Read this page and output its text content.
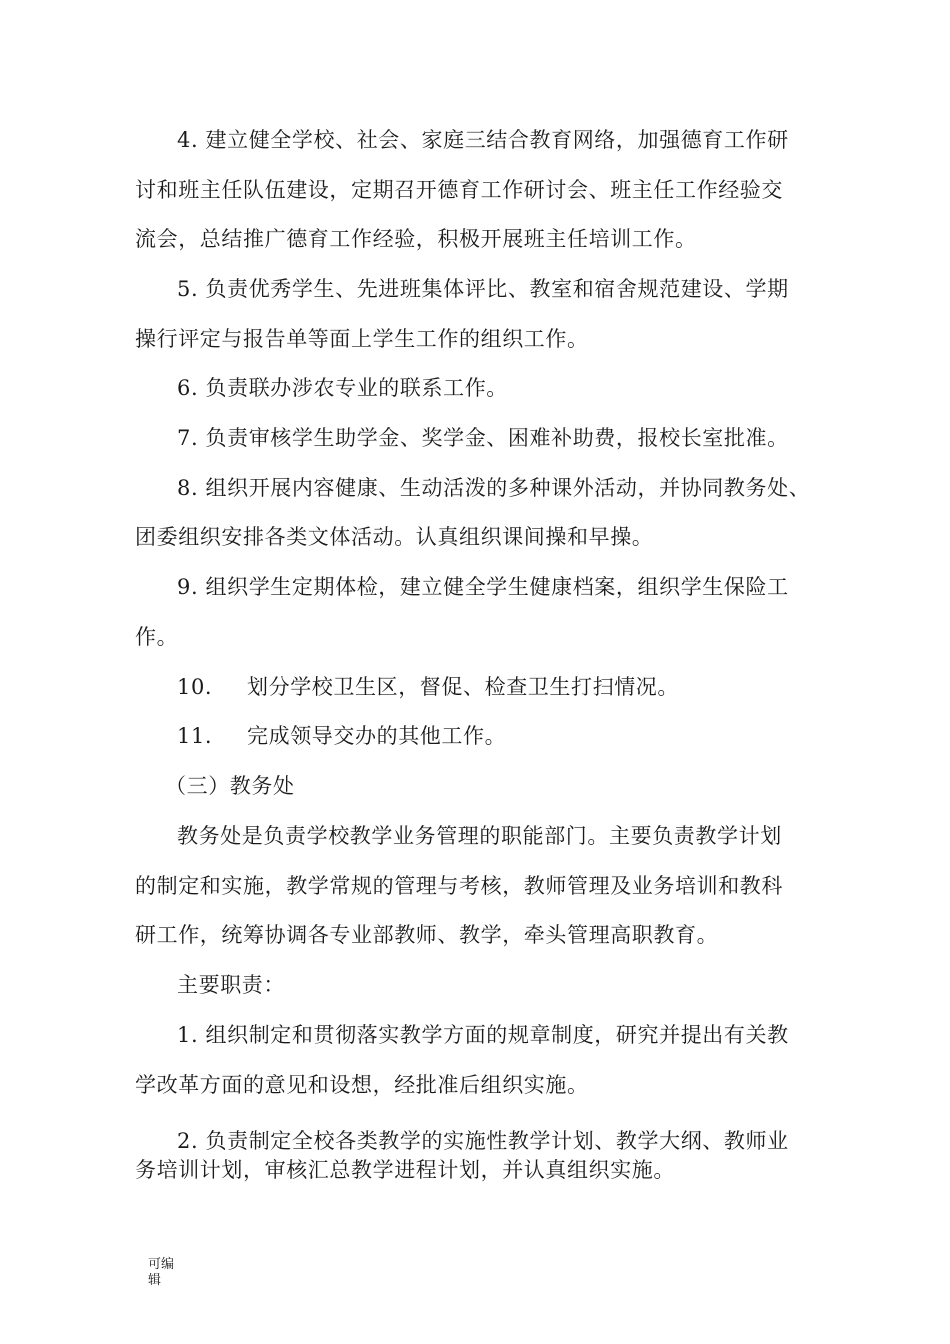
4. 建立健全学校、社会、家庭三结合教育网络，加强德育工作研
讨和班主任队伍建设，定期召开德育工作研讨会、班主任工作经验交
流会，总结推广德育工作经验，积极开展班主任培训工作。
5. 负责优秀学生、先进班集体评比、教室和宿舍规范建设、学期
操行评定与报告单等面上学生工作的组织工作。
6. 负责联办涉农专业的联系工作。
7. 负责审核学生助学金、奖学金、困难补助费，报校长室批准。
8. 组织开展内容健康、生动活泼的多种课外活动，并协同教务处、
团委组织安排各类文体活动。认真组织课间操和早操。
9. 组织学生定期体检，建立健全学生健康档案，组织学生保险工
作。
10. 划分学校卫生区，督促、检查卫生打扫情况。
11. 完成领导交办的其他工作。
（三）教务处
教务处是负责学校教学业务管理的职能部门。主要负责教学计划
的制定和实施，教学常规的管理与考核，教师管理及业务培训和教科
研工作，统筹协调各专业部教师、教学，牵头管理高职教育。
主要职责：
1. 组织制定和贯彻落实教学方面的规章制度，研究并提出有关教
学改革方面的意见和设想，经批准后组织实施。
2. 负责制定全校各类教学的实施性教学计划、教学大纲、教师业
务培训计划，审核汇总教学进程计划，并认真组织实施。
可编
辑
